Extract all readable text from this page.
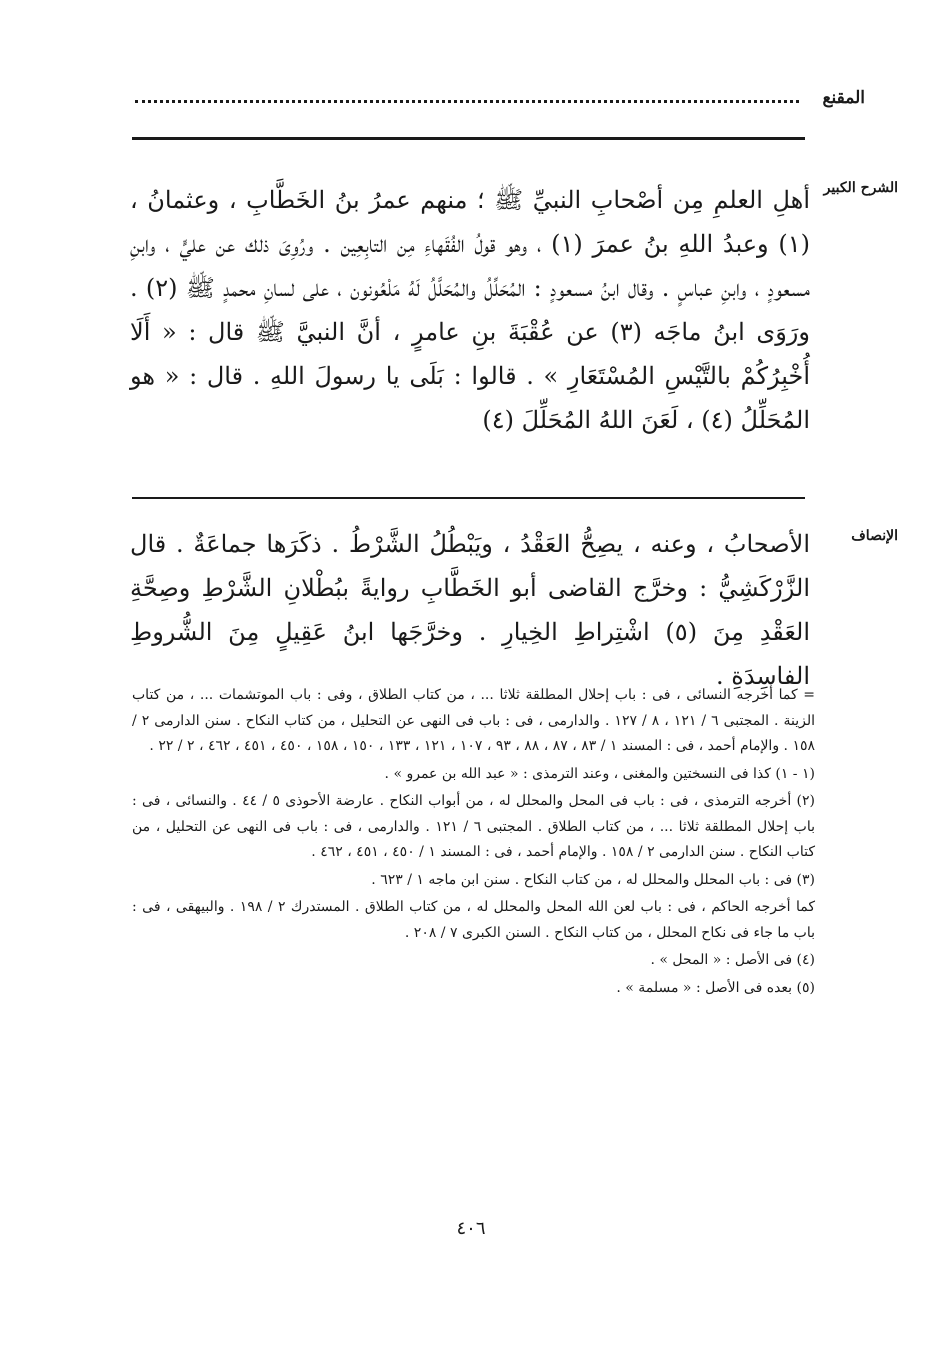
المقنع
الشرح الكبير

أهلِ العلمِ مِن أصْحابِ النبيِّ ﷺ ؛ منهم عمرُ بنُ الخَطَّابِ ، وعثمانُ ، (١) وعبدُ اللهِ بنُ عمرَ (١) ، وهو قولُ الفُقَهاءِ مِن التابِعِين . ورُوِىَ ذلك عن عليٍّ ، وابنِ مسعودٍ ، وابنِ عباسٍ . وقال ابنُ مسعودٍ : المُحَلِّلُ والمُحَلَّلُ لَهُ مَلْعُونون ، على لسانِ محمدٍ ﷺ (٢) . ورَوَى ابنُ ماجَه (٣) عن عُقْبَةَ بنِ عامرٍ ، أنَّ النبيَّ ﷺ قال : « أَلَا أُخْبِرُكُمْ بالتَّيْسِ المُسْتَعَارِ » . قالوا : بَلَى يا رسولَ اللهِ . قال : « هو المُحَلِّلُ (٤) ، لَعَنَ اللهُ المُحَلِّلَ (٤)

الإنصاف

الأصحابُ ، وعنه ، يصِحُّ العَقْدُ ، ويَبْطُلُ الشَّرْطُ . ذكَرَها جماعَةٌ . قال الزَّرْكَشِيُّ : وخرَّج القاضى أبو الخَطَّابِ روايةً ببُطْلانِ الشَّرْطِ وصِحَّةِ العَقْدِ مِنَ (٥) اشْتِراطِ الخِيارِ . وخرَّجَها ابنُ عَقِيلٍ مِنَ الشُّروطِ الفاسِدَةِ .

= كما أخرجه النسائى ، فى : باب إحلال المطلقة ثلاثا ... ، من كتاب الطلاق ، وفى : باب الموتشمات ... ، من كتاب الزينة . المجتبى ٦ / ١٢١ ، ٨ / ١٢٧ . والدارمى ، فى : باب فى النهى عن التحليل ، من كتاب النكاح . سنن الدارمى ٢ / ١٥٨ . والإمام أحمد ، فى : المسند ١ / ٨٣ ، ٨٧ ، ٨٨ ، ٩٣ ، ١٠٧ ، ١٢١ ، ١٣٣ ، ١٥٠ ، ١٥٨ ، ٤٥٠ ، ٤٥١ ، ٤٦٢ ، ٢ / ٢٢ .

(١ - ١) كذا فى النسختين والمغنى ، وعند الترمذى : « عبد الله بن عمرو » .

(٢) أخرجه الترمذى ، فى : باب فى المحل والمحلل له ، من أبواب النكاح . عارضة الأحوذى ٥ / ٤٤ . والنسائى ، فى : باب إحلال المطلقة ثلاثا ... ، من كتاب الطلاق . المجتبى ٦ / ١٢١ . والدارمى ، فى : باب فى النهى عن التحليل ، من كتاب النكاح . سنن الدارمى ٢ / ١٥٨ . والإمام أحمد ، فى : المسند ١ / ٤٥٠ ، ٤٥١ ، ٤٦٢ .

(٣) فى : باب المحلل والمحلل له ، من كتاب النكاح . سنن ابن ماجه ١ / ٦٢٣ .

كما أخرجه الحاكم ، فى : باب لعن الله المحل والمحلل له ، من كتاب الطلاق . المستدرك ٢ / ١٩٨ . والبيهقى ، فى : باب ما جاء فى نكاح المحلل ، من كتاب النكاح . السنن الكبرى ٧ / ٢٠٨ .

(٤) فى الأصل : « المحل » .

(٥) بعده فى الأصل : « مسلمة » .

٤٠٦
